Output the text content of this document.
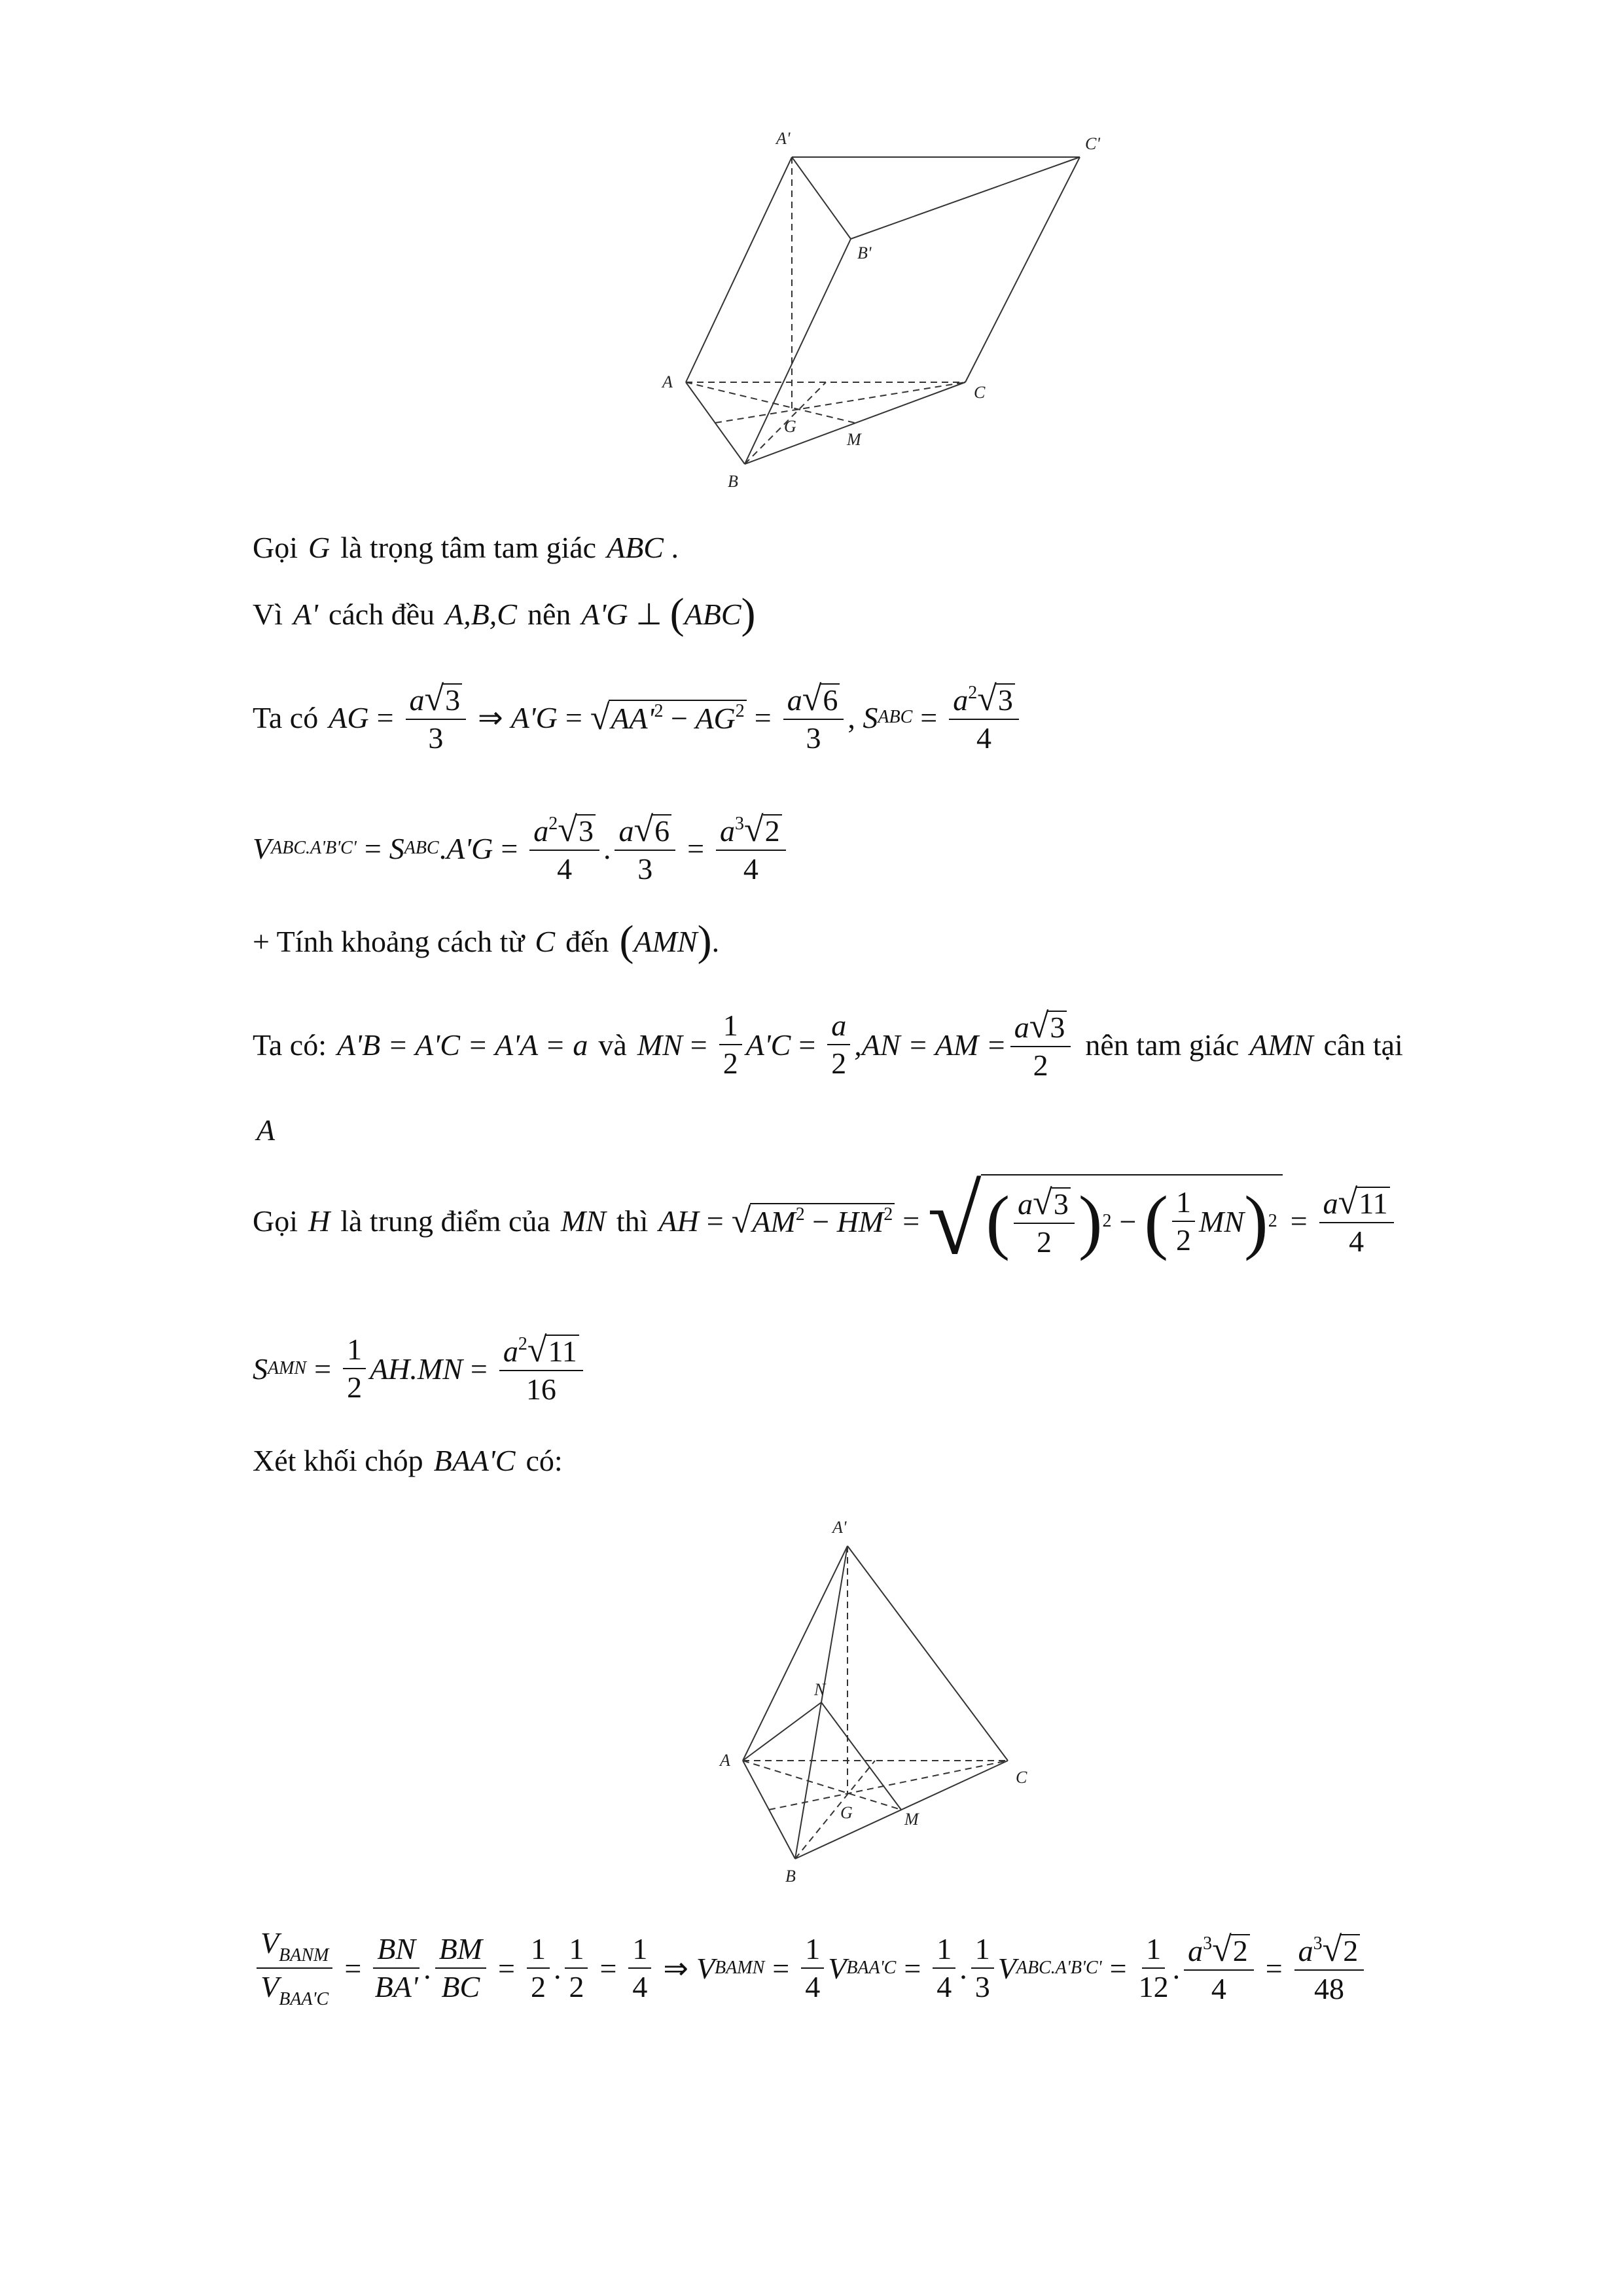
A'	C'
B'
A
C
G
M
B
Gọi G là trọng tâm tam giác ABC .
Vì A' cách đều A,B,C nên A'G ⊥ ( ABC )
Ta có AG = $\frac{a√3}{3}$ ⇒ A'G = √ $AA'^2 - AG^2 = \frac{a√6}{3}$ , S ABC = $\frac{a^2√3}{4}$
V ABC.A'B'C' = S ABC . $A'G = \frac{a^2√3}{4}$ . $\frac{a√6}{3} = \frac{a^3√2}{4}$
+ Tính khoảng cách từ C đến ( AMN ) .
Ta có: A'B = A'C = A'A = a và MN = $\frac{1}{2} A'C = \frac{a}{2} ,AN$ = AM = $\frac{a√3}{2}$ nên tam giác AMN cân tại
A
Gọi H là trung điểm của MN thì AH = √ $AM^2 - HM^2$ = √ ( $\frac{a√3}{2}$ ) 2 − ( $\frac{1}{2}$ MN ) $2 = \frac{a√11}{4}$
S AMN = $\frac{1}{2} AH.MN = \frac{a^2√11}{16}$
Xét khối chóp BAA'C có:
A'
N
A
C
G	M
B
$\frac{V_{BANM}}{V_{BAA'C}} = \frac{BN}{BA'}$ . $\frac{BM}{BC} = \frac{1}{2}$ . $\frac{1}{2} = \frac{1}{4}$ ⇒ V BAMN = $\frac{1}{4}$ V $BAA'C = \frac{1}{4}$ . $\frac{1}{3}$ V $ABC.A'B'C' = \frac{1}{12}$ . $\frac{a^3√2}{4} = \frac{a^3√2}{48}$
